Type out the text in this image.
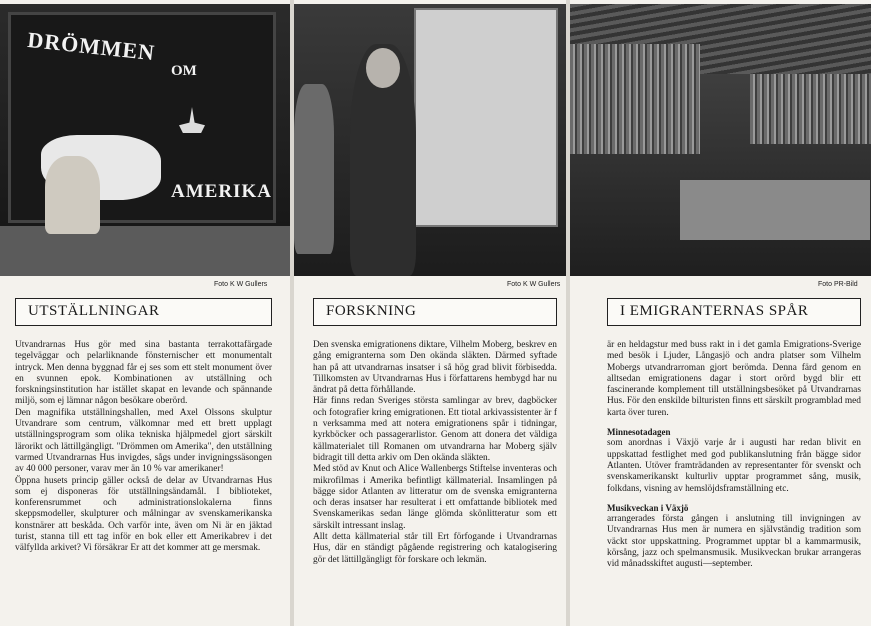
DRÖMMEN
OM
AMERIKA
Foto K W Gullers	Foto K W Gullers	Foto PR-Bild
UTSTÄLLNINGAR	FORSKNING	I EMIGRANTERNAS SPÅR

Utvandrarnas Hus gör med sina bastanta terrakottafärgade tegelväggar och pelarliknande fönsternischer ett monumentalt intryck. Men denna byggnad får ej ses som ett stelt monument över en svunnen epok. Kombinationen av utställning och forskningsinstitution har istället skapat en levande och spännande miljö, som ej lämnar någon besökare oberörd.

Den magnifika utställningshallen, med Axel Olssons skulptur Utvandrare som centrum, välkomnar med ett brett upplagt utställningsprogram som olika tekniska hjälpmedel gjort särskilt lärorikt och lättillgängligt. "Drömmen om Amerika", den utställning varmed Utvandrarnas Hus invigdes, sågs under invigningssäsongen av 40 000 personer, varav mer än 10 % var amerikaner!

Öppna husets princip gäller också de delar av Utvandrarnas Hus som ej disponeras för utställningsändamål. I biblioteket, konferensrummet och administrationslokalerna finns skeppsmodeller, skulpturer och målningar av svenskamerikanska konstnärer att beskåda. Och varför inte, även om Ni är en jäktad turist, stanna till ett tag inför en bok eller ett Amerikabrev i det välfyllda arkivet? Vi försäkrar Er att det kommer att ge mersmak.

Den svenska emigrationens diktare, Vilhelm Moberg, beskrev en gång emigranterna som Den okända släkten. Därmed syftade han på att utvandrarnas insatser i så hög grad blivit förbisedda. Tillkomsten av Utvandrarnas Hus i författarens hembygd har nu ändrat på detta förhållande.

Här finns redan Sveriges största samlingar av brev, dagböcker och fotografier kring emigrationen. Ett tiotal arkivassistenter är f n verksamma med att notera emigrationens spår i tidningar, kyrkböcker och passagerarlistor. Genom att donera det väldiga källmaterialet till Romanen om utvandrarna har Moberg själv bidragit till detta arkiv om Den okända släkten.

Med stöd av Knut och Alice Wallenbergs Stiftelse inventeras och mikrofilmas i Amerika befintligt källmaterial. Insamlingen på bägge sidor Atlanten av litteratur om de svenska emigranterna och deras insatser har resulterat i ett omfattande bibliotek med Svenskamerikas sedan länge glömda skönlitteratur som ett särskilt intressant inslag.

Allt detta källmaterial står till Ert förfogande i Utvandrarnas Hus, där en ständigt pågående registrering och katalogisering gör det lättillgängligt för forskare och lekmän.

är en heldagstur med buss rakt in i det gamla Emigrations-Sverige med besök i Ljuder, Långasjö och andra platser som Vilhelm Mobergs utvandrarroman gjort berömda. Denna färd genom en alltsedan emigrationens dagar i stort orörd bygd blir ett fascinerande komplement till utställningsbesöket på Utvandrarnas Hus. För den enskilde bilturisten finns ett särskilt programblad med karta över turen.

Minnesotadagen

som anordnas i Växjö varje år i augusti har redan blivit en uppskattad festlighet med god publikanslutning från bägge sidor Atlanten. Utöver framträdanden av representanter för svenskt och svenskamerikanskt kulturliv upptar programmet sång, musik, folkdans, visning av hemslöjdsframställning etc.

Musikveckan i Växjö

arrangerades första gången i anslutning till invigningen av Utvandrarnas Hus men är numera en självständig tradition som väckt stor uppskattning. Programmet upptar bl a kammarmusik, körsång, jazz och spelmansmusik. Musikveckan brukar arrangeras vid månadsskiftet augusti—september.
